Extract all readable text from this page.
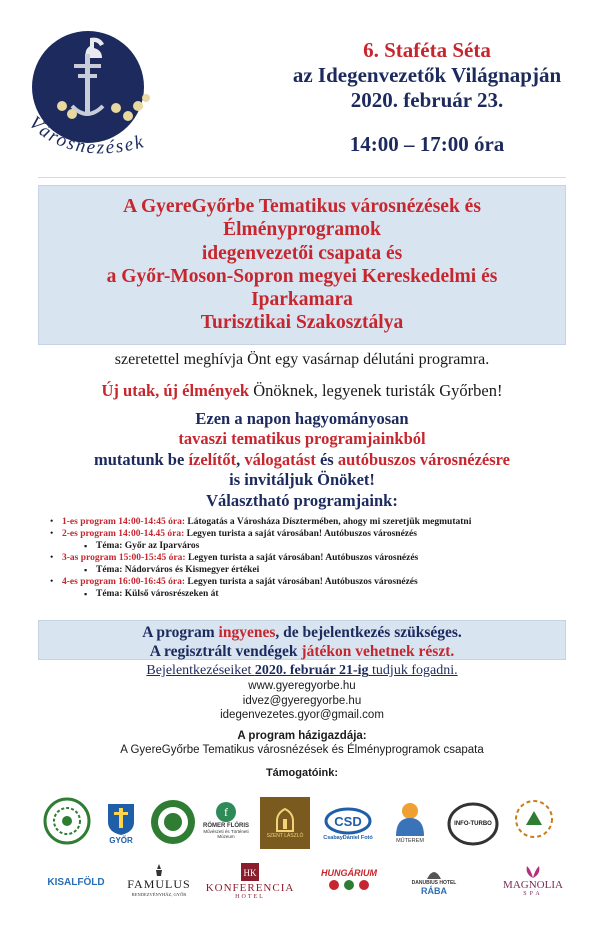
Városnézések
6. Staféta Séta
az Idegenvezetők Világnapján
2020. február 23.
14:00 – 17:00 óra
A GyereGyőrbe Tematikus városnézések és
Élményprogramok
idegenvezetői csapata és
a Győr-Moson-Sopron megyei Kereskedelmi és
Iparkamara
Turisztikai Szakosztálya
szeretettel meghívja Önt egy vasárnap délutáni programra.
Új utak, új élmények Önöknek, legyenek turisták Győrben!
Ezen a napon hagyományosan
tavaszi tematikus programjainkból
mutatunk be ízelítőt, válogatást és autóbuszos városnézésre
is invitáljuk Önöket!
Választható programjaink:
• 1-es program 14:00-14:45 óra: Látogatás a Városháza Dísztermében, ahogy mi szeretjük megmutatni
• 2-es program 14:00-14.45 óra: Legyen turista a saját városában! Autóbuszos városnézés
▪ Téma: Győr az Iparváros
• 3-as program 15:00-15:45 óra: Legyen turista a saját városában! Autóbuszos városnézés
▪ Téma: Nádorváros és Kismegyer értékei
• 4-es program 16:00-16:45 óra: Legyen turista a saját városában! Autóbuszos városnézés
▪ Téma: Külső városrészeken át
A program ingyenes, de bejelentkezés szükséges.
A regisztrált vendégek játékon vehetnek részt.
Bejelentkezéseiket 2020. február 21-ig tudjuk fogadni.
www.gyeregyorbe.hu
idvez@gyeregyorbe.hu
idegenvezetes.gyor@gmail.com
A program házigazdája:
A GyereGyőrbe Tematikus városnézések és Élményprogramok csapata
Támogatóink:
GYŐR
f
RÖMER FLÓRIS
Művészeti és Történeti Múzeum	SZENT LÁSZLÓ
CSD
CsabayDániel Fotó	MŰTEREM
INFO-TURBO
KISALFÖLD FAMULUS
RENDEZVÉNYHÁZ, GYŐR
HK
KONFERENCIA
HOTEL
HUNGÁRIUM
DANUBIUS HOTEL
RÁBA	MAGNOLIA
SPA
